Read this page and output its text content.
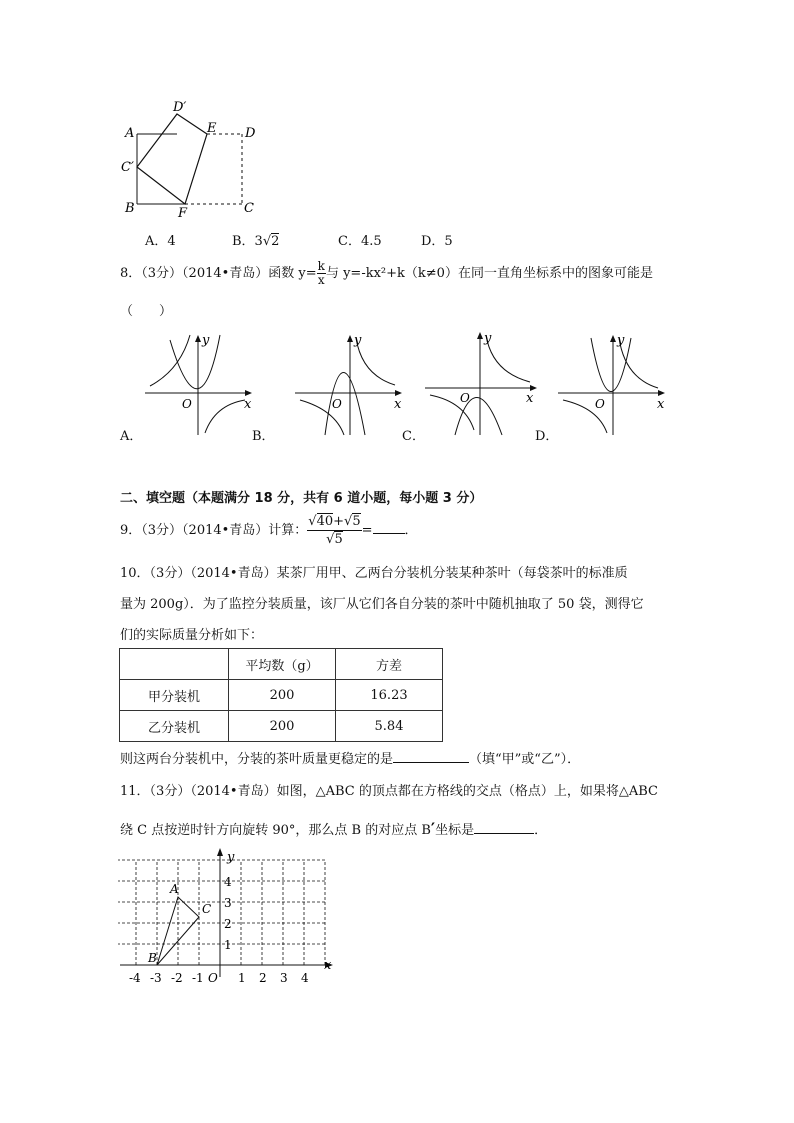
A
D′
E D
C′
B	F	C
A．4	B．3√2	C．4.5	D．5
8．（3分）（2014•青岛）函数 $y= \frac{k}{x}$ 与 y=-kx²+k（k≠0）在同一直角坐标系中的图象可能是
（　　）
y
x
O
y
x
O
y
x
O
y
x
O
A．	B．	C．	D．
二、填空题（本题满分 18 分，共有 6 道小题，每小题 3 分）
9．（3分）（2014•青岛）计算： $\frac{√40+√5}{√5}$ = ．
10．（3分）（2014•青岛）某茶厂用甲、乙两台分装机分装某种茶叶（每袋茶叶的标准质
量为 200g）．为了监控分装质量，该厂从它们各自分装的茶叶中随机抽取了 50 袋，测得它
们的实际质量分析如下：
	平均数（g）	方差
甲分装机	200	16.23
乙分装机	200	5.84
则这两台分装机中，分装的茶叶质量更稳定的是	（填“甲”或“乙”）．
11．（3分）（2014•青岛）如图，△ABC 的顶点都在方格线的交点（格点）上，如果将△ABC
绕 C 点按逆时针方向旋转 90°，那么点 B 的对应点 B′坐标是	．
-4 -3 -2 -1	1 2 3 4
4
3
2
1
x
y
O
A
B
C
